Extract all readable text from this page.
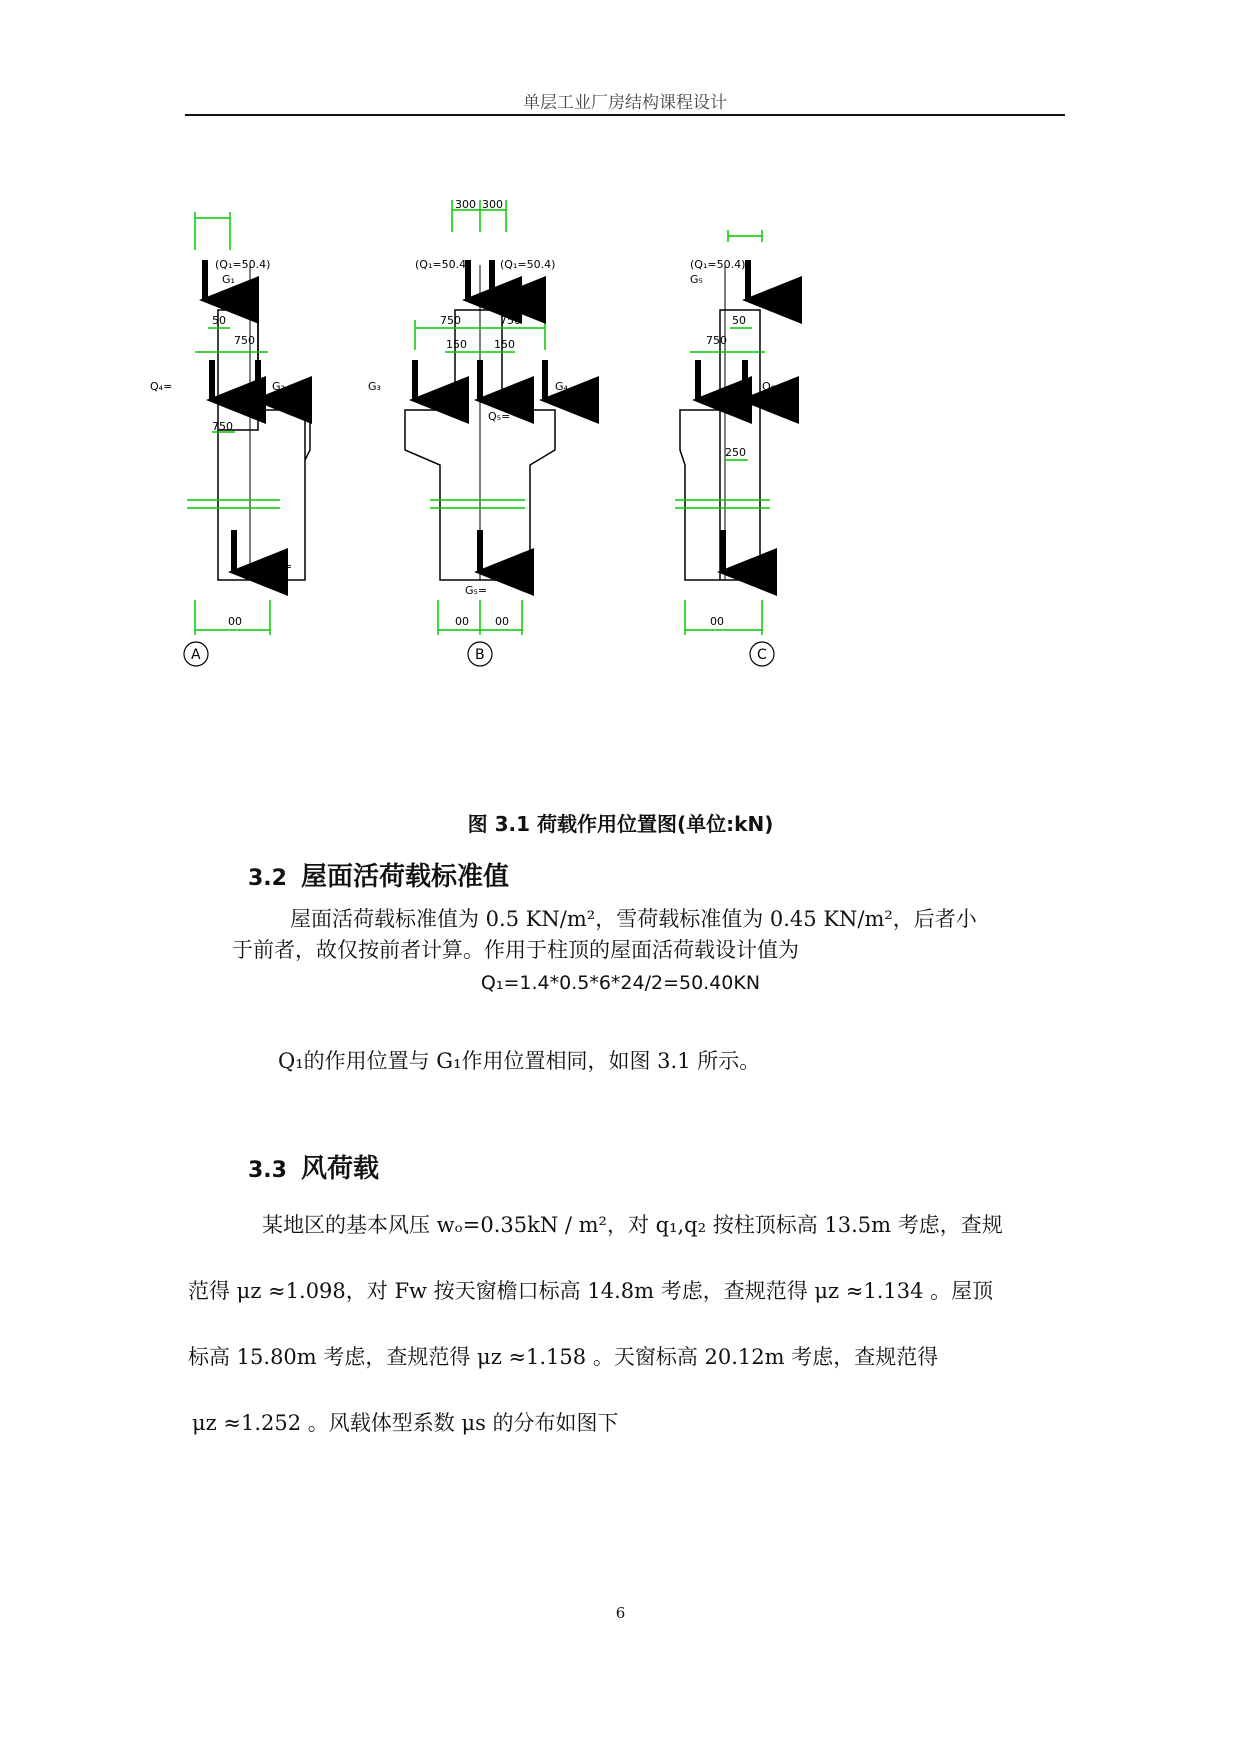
单层工业厂房结构课程设计
(Q₁=50.4)
G₁
50
750
750
Q₄=	G₂
G₄=
00
A
300 300
(Q₁=50.4)	(Q₁=50.4)
750	750
150 150
G₃	G₄
Q₅=
G₅=
00 00
B
(Q₁=50.4)
G₅
50
750
250
Q₆=
00
C
图 3.1 荷载作用位置图(单位:kN)
3.2 屋面活荷载标准值
屋面活荷载标准值为 0.5 KN/m²，雪荷载标准值为 0.45 KN/m²，后者小
于前者，故仅按前者计算。作用于柱顶的屋面活荷载设计值为
Q₁=1.4*0.5*6*24/2=50.40KN
Q₁的作用位置与 G₁作用位置相同，如图 3.1 所示。
3.3 风荷载
某地区的基本风压 wₒ=0.35kN / m²，对 q₁,q₂ 按柱顶标高 13.5m 考虑，查规
范得 μz ≈1.098，对 Fw 按天窗檐口标高 14.8m 考虑，查规范得 μz ≈1.134 。屋顶
标高 15.80m 考虑，查规范得 μz ≈1.158 。天窗标高 20.12m 考虑，查规范得
μz ≈1.252 。风载体型系数 μs 的分布如图下
6
